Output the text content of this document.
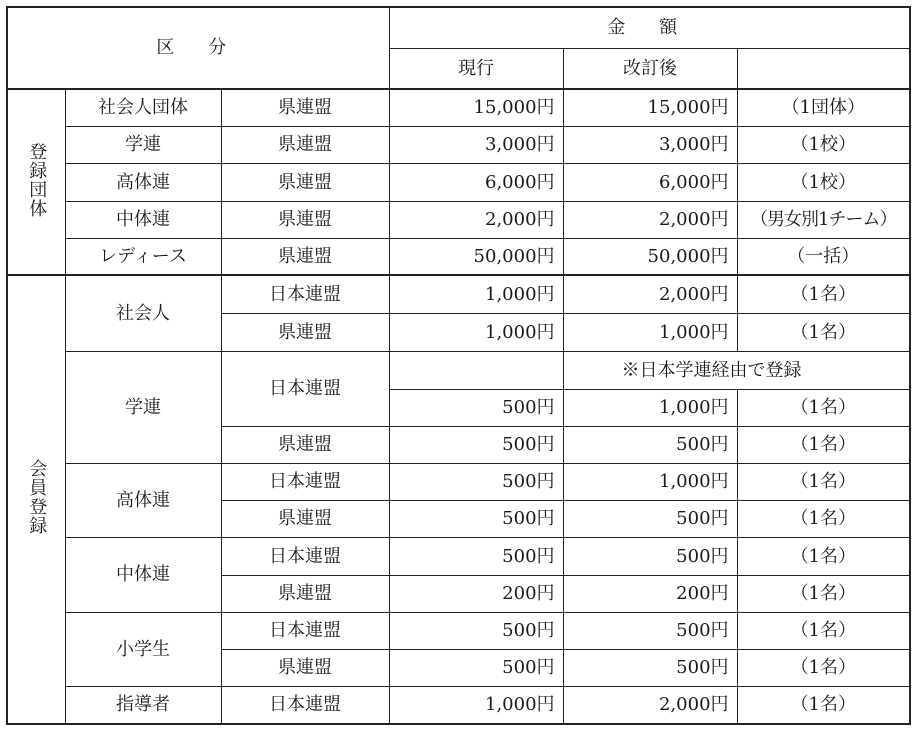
区 分			金 額		
			現行	改訂後	
登録団体	社会人団体	県連盟	15,000円	15,000円	（1団体）
	学連	県連盟	3,000円	3,000円	（1校）
	高体連	県連盟	6,000円	6,000円	（1校）
	中体連	県連盟	2,000円	2,000円	（男女別1チーム）
	レディース	県連盟	50,000円	50,000円	（一括）
会員登録	社会人	日本連盟	1,000円	2,000円	（1名）
		県連盟	1,000円	1,000円	（1名）
	学連	日本連盟		※日本学連経由で登録	
			500円	1,000円	（1名）
		県連盟	500円	500円	（1名）
	高体連	日本連盟	500円	1,000円	（1名）
		県連盟	500円	500円	（1名）
	中体連	日本連盟	500円	500円	（1名）
		県連盟	200円	200円	（1名）
	小学生	日本連盟	500円	500円	（1名）
		県連盟	500円	500円	（1名）
	指導者	日本連盟	1,000円	2,000円	（1名）
